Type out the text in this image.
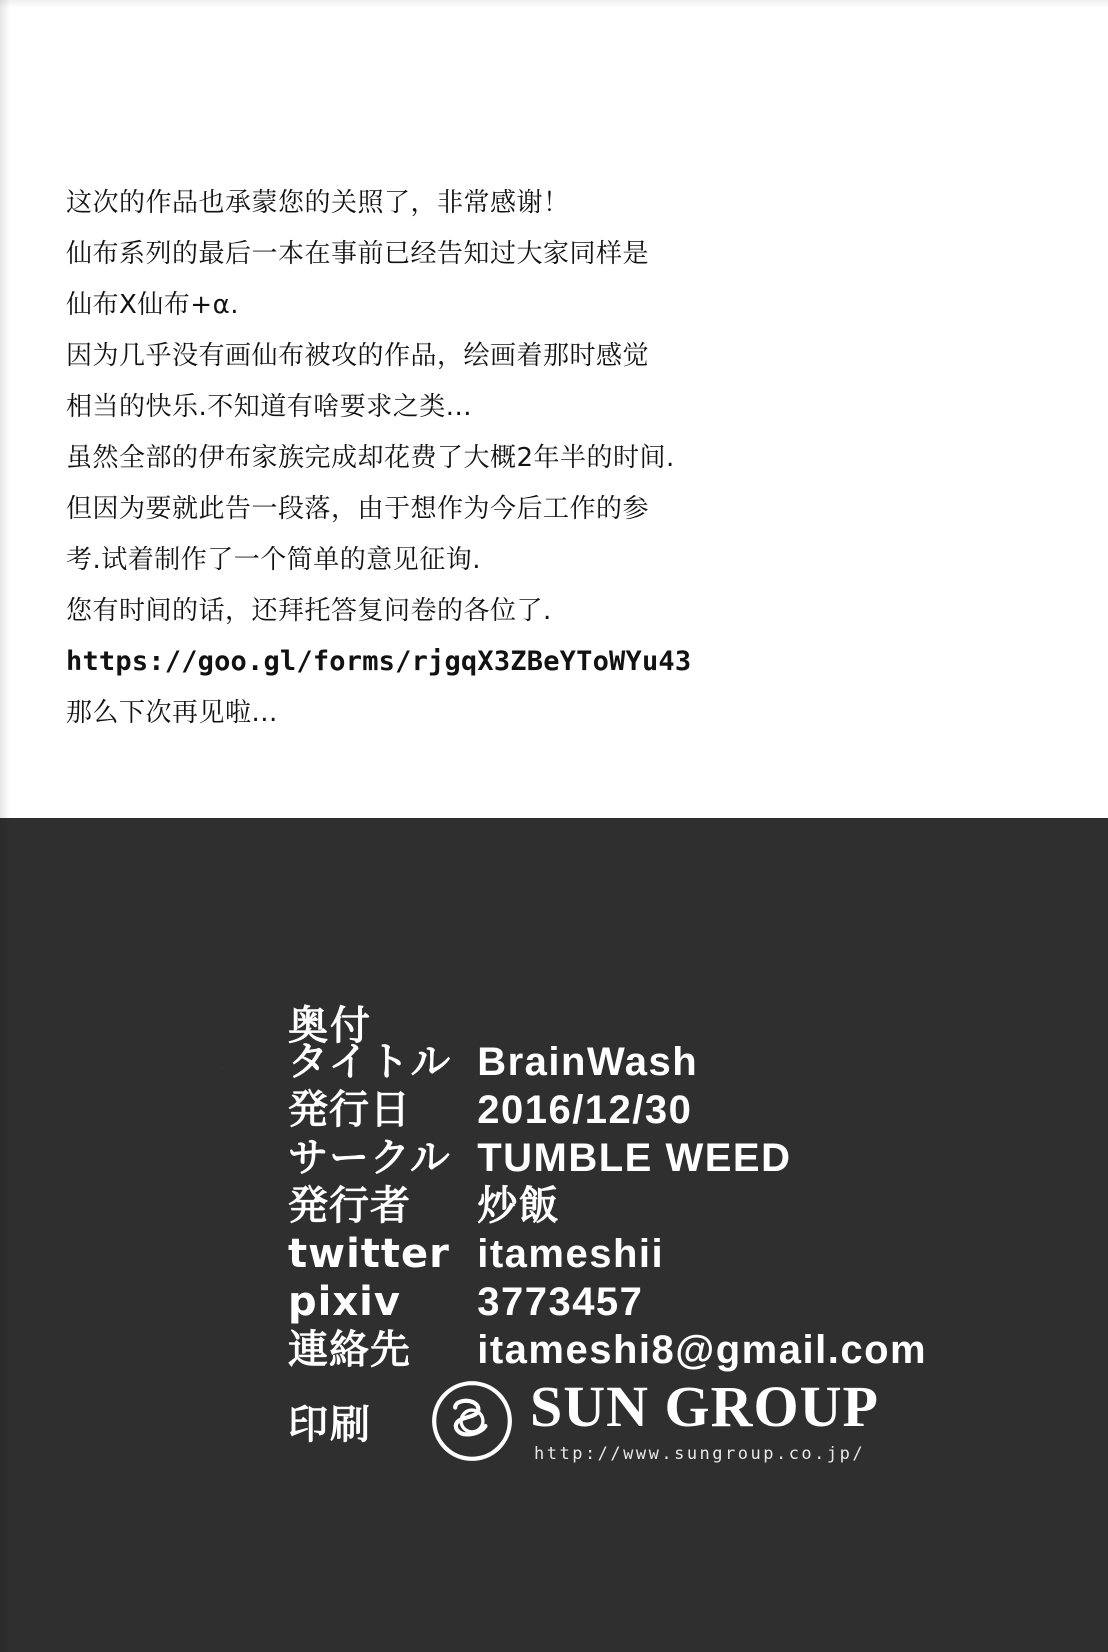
这次的作品也承蒙您的关照了，非常感谢！
仙布系列的最后一本在事前已经告知过大家同样是
仙布X仙布+α.
因为几乎没有画仙布被攻的作品，绘画着那时感觉
相当的快乐.不知道有啥要求之类...
虽然全部的伊布家族完成却花费了大概2年半的时间.
但因为要就此告一段落，由于想作为今后工作的参
考.试着制作了一个简单的意见征询.
您有时间的话，还拜托答复问卷的各位了.
https://goo.gl/forms/rjgqX3ZBeYToWYu43
那么下次再见啦...
奥付
タイトル	BrainWash
発行日	2016/12/30
サークル	TUMBLE WEED
発行者	炒飯
twitter	itameshii
pixiv	3773457
連絡先	itameshi8@gmail.com
印刷	SUN GROUP
http://www.sungroup.co.jp/
